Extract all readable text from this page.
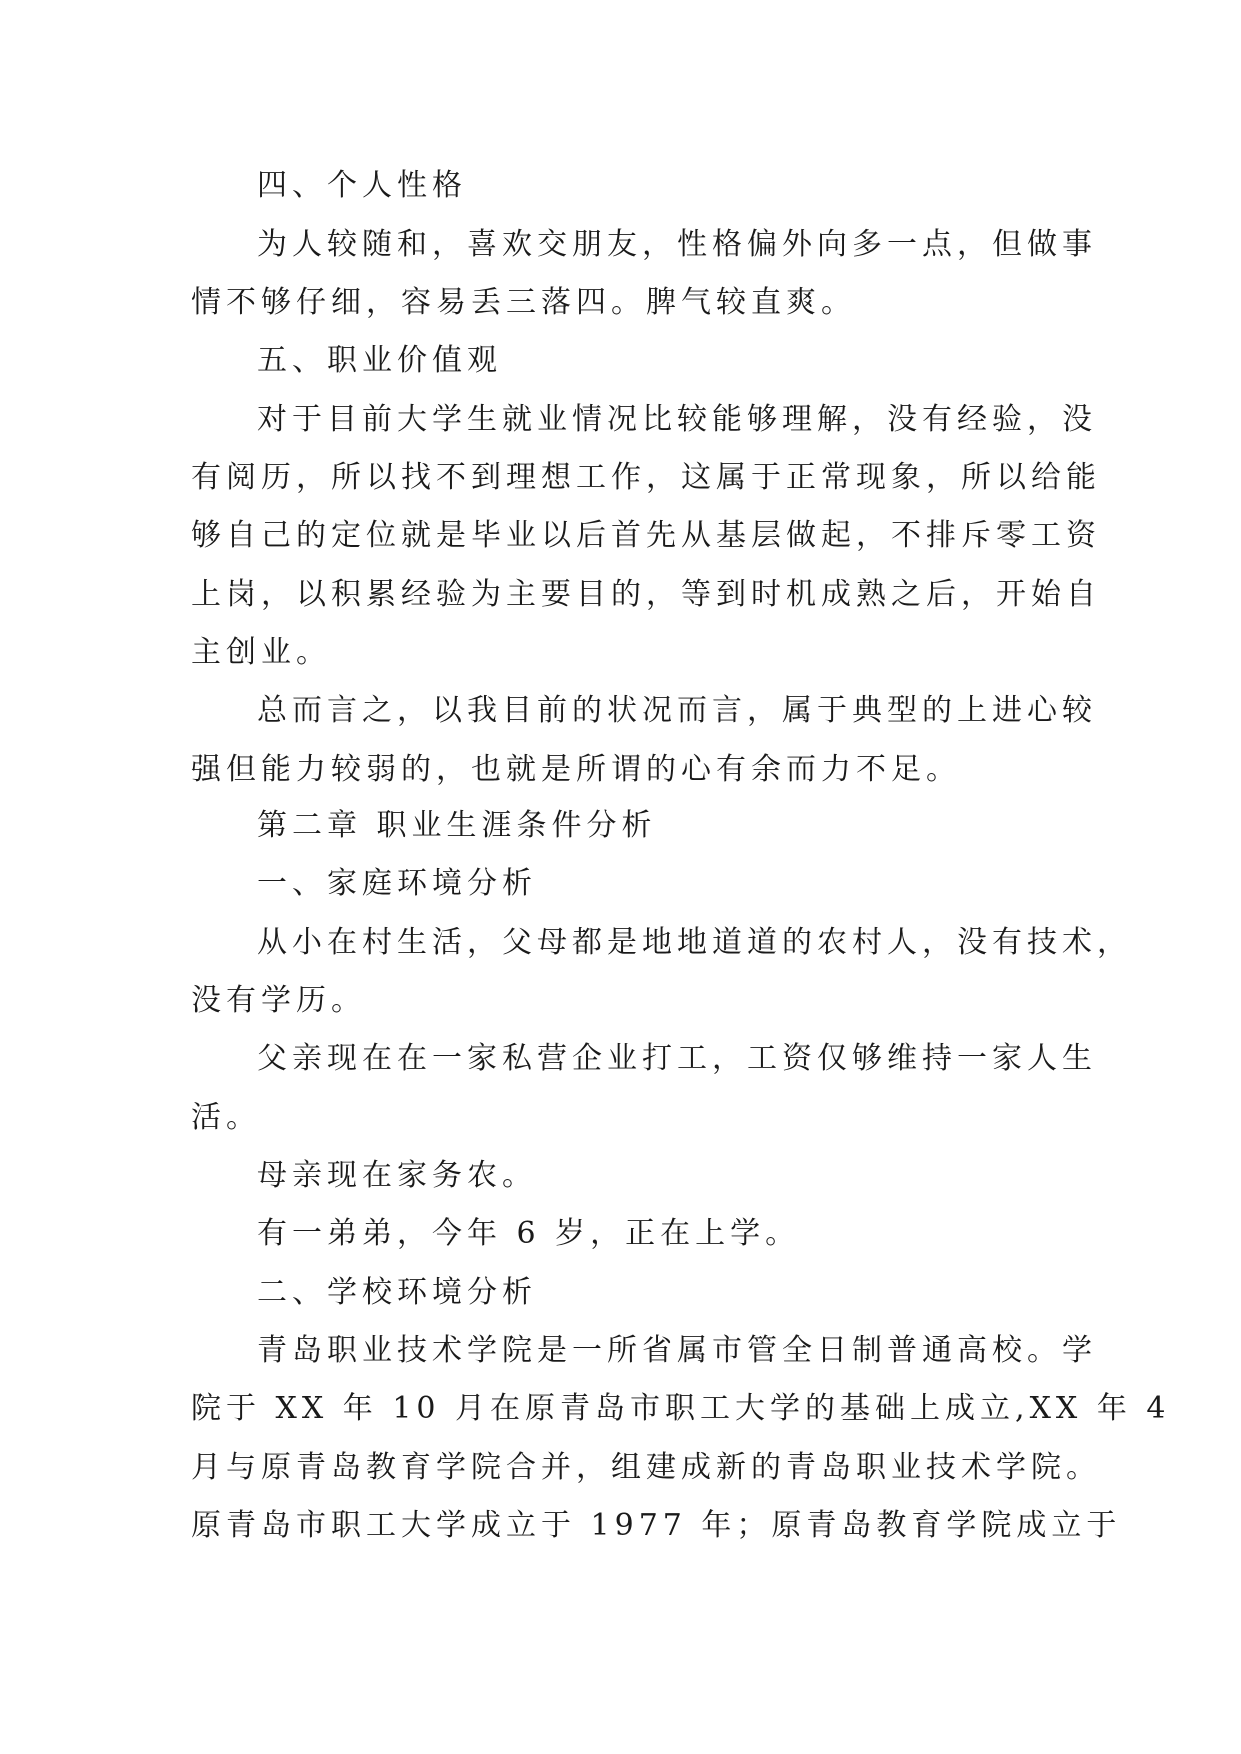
四、个人性格
为人较随和，喜欢交朋友，性格偏外向多一点，但做事
情不够仔细，容易丢三落四。脾气较直爽。
五、职业价值观
对于目前大学生就业情况比较能够理解，没有经验，没
有阅历，所以找不到理想工作，这属于正常现象，所以给能
够自己的定位就是毕业以后首先从基层做起，不排斥零工资
上岗，以积累经验为主要目的，等到时机成熟之后，开始自
主创业。
总而言之，以我目前的状况而言，属于典型的上进心较
强但能力较弱的，也就是所谓的心有余而力不足。
第二章 职业生涯条件分析
一、家庭环境分析
从小在村生活，父母都是地地道道的农村人，没有技术，
没有学历。
父亲现在在一家私营企业打工，工资仅够维持一家人生
活。
母亲现在家务农。
有一弟弟，今年 6 岁，正在上学。
二、学校环境分析
青岛职业技术学院是一所省属市管全日制普通高校。学
院于 XX 年 10 月在原青岛市职工大学的基础上成立,XX 年 4
月与原青岛教育学院合并，组建成新的青岛职业技术学院。
原青岛市职工大学成立于 1977 年；原青岛教育学院成立于
